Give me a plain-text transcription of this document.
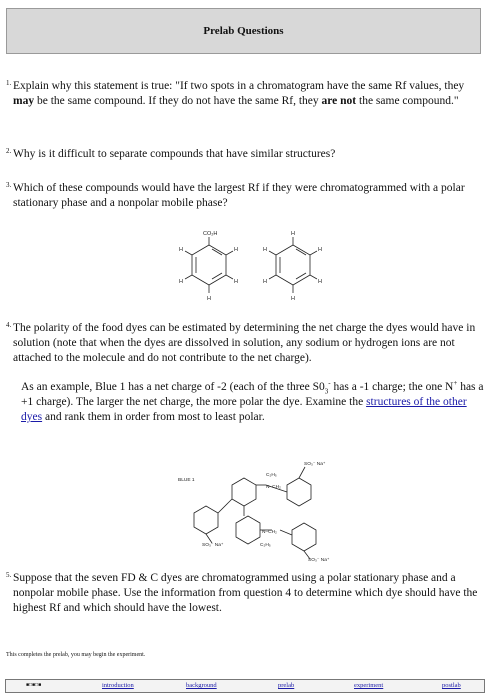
Prelab Questions
1. Explain why this statement is true: "If two spots in a chromatogram have the same Rf values, they may be the same compound. If they do not have the same Rf, they are not the same compound."
2. Why is it difficult to separate compounds that have similar structures?
3. Which of these compounds would have the largest Rf if they were chromatogrammed with a polar stationary phase and a nonpolar mobile phase?
CO₂H
H
H
H
H
H
H
H
H
H
H
H
4. The polarity of the food dyes can be estimated by determining the net charge the dyes would have in solution (note that when the dyes are dissolved in solution, any sodium or hydrogen ions are not attached to the molecule and do not contribute to the net charge).
As an example, Blue 1 has a net charge of -2 (each of the three $S0_3^-$ has a -1 charge; the one N+ has a +1 charge). The larger the net charge, the more polar the dye. Examine the structures of the other dyes and rank them in order from most to least polar.
BLUE 1
C₂H₅
N–CH₂
SO₃⁻ Na⁺
SO₃⁻ Na⁺
N–CH₂
C₂H₅
SO₃⁻ Na⁺
5. Suppose that the seven FD & C dyes are chromatogrammed using a polar stationary phase and a nonpolar mobile phase. Use the information from question 4 to determine which dye should have the highest Rf and which should have the lowest.
This completes the prelab, you may begin the experiment.
■□■□■	introduction	background	prelab	experiment	postlab
